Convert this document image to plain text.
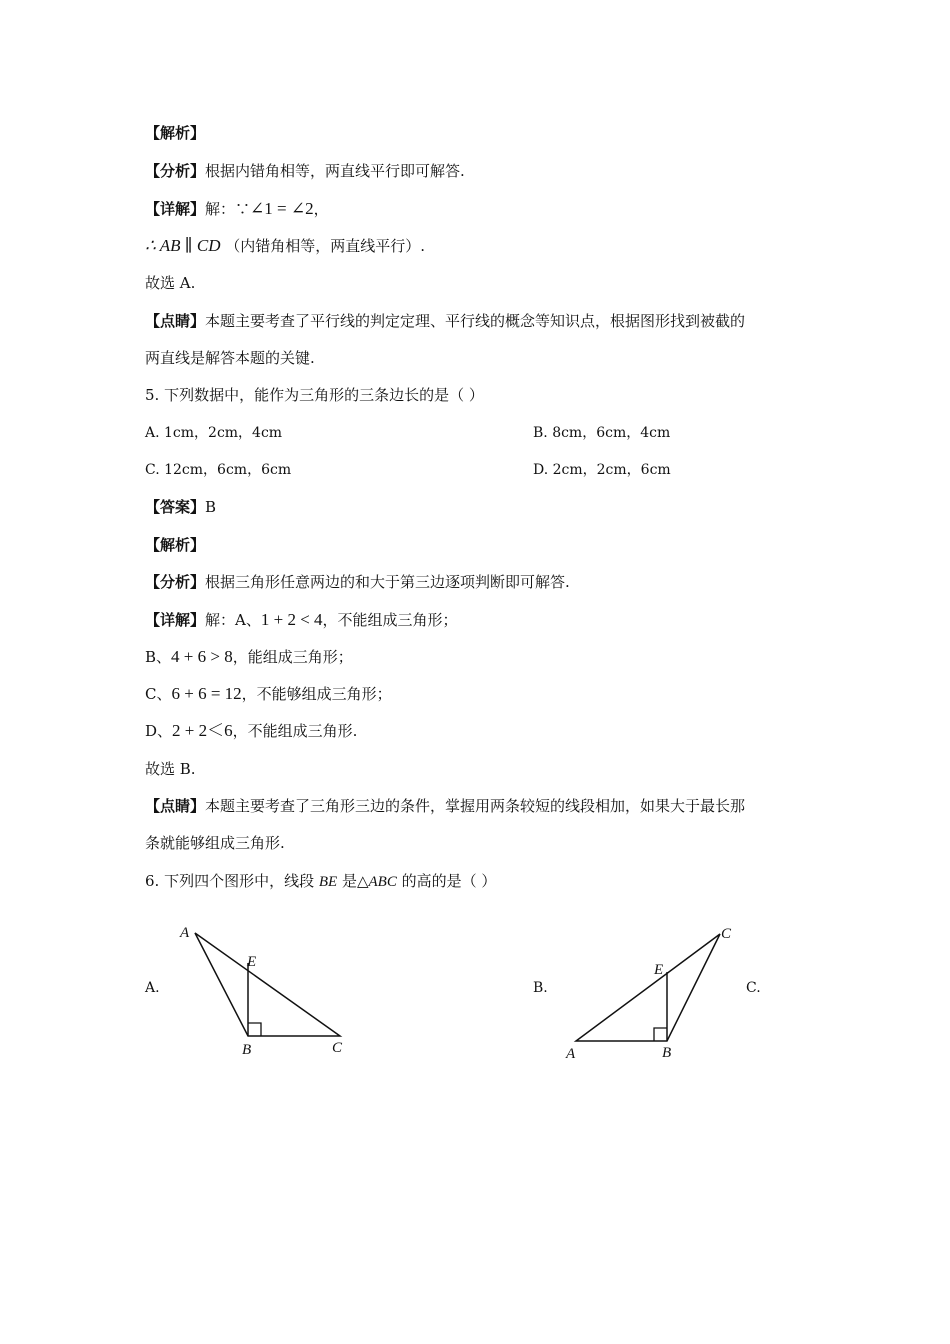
【解析】
【分析】根据内错角相等，两直线平行即可解答.
【详解】解：∵∠1 = ∠2，
∴ AB ∥ CD （内错角相等，两直线平行）.
故选 A.
【点睛】本题主要考查了平行线的判定定理、平行线的概念等知识点，根据图形找到被截的
两直线是解答本题的关键.
5. 下列数据中，能作为三角形的三条边长的是（ ）
A. 1cm，2cm，4cm	B. 8cm，6cm，4cm
C. 12cm，6cm，6cm	D. 2cm，2cm，6cm
【答案】B
【解析】
【分析】根据三角形任意两边的和大于第三边逐项判断即可解答.
【详解】解：A、1 + 2 < 4，不能组成三角形；
B、4 + 6 > 8，能组成三角形；
C、6 + 6 = 12，不能够组成三角形；
D、2 + 2＜6，不能组成三角形.
故选 B.
【点睛】本题主要考查了三角形三边的条件，掌握用两条较短的线段相加，如果大于最长那
条就能够组成三角形.
6. 下列四个图形中，线段 BE 是△ABC 的高的是（ ）
A.	B.	C.
A
E
B	C	A
E
B
C
